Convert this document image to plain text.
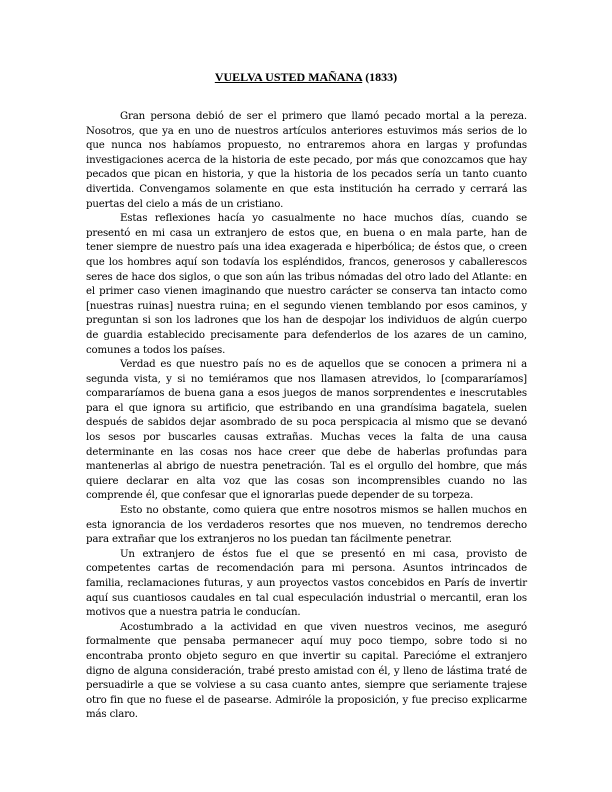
VUELVA USTED MAÑANA (1833)

Gran persona debió de ser el primero que llamó pecado mortal a la pereza. Nosotros, que ya en uno de nuestros artículos anteriores estuvimos más serios de lo que nunca nos habíamos propuesto, no entraremos ahora en largas y profundas investigaciones acerca de la historia de este pecado, por más que conozcamos que hay pecados que pican en historia, y que la historia de los pecados sería un tanto cuanto divertida. Convengamos solamente en que esta institución ha cerrado y cerrará las puertas del cielo a más de un cristiano.

Estas reflexiones hacía yo casualmente no hace muchos días, cuando se presentó en mi casa un extranjero de estos que, en buena o en mala parte, han de tener siempre de nuestro país una idea exagerada e hiperbólica; de éstos que, o creen que los hombres aquí son todavía los espléndidos, francos, generosos y caballerescos seres de hace dos siglos, o que son aún las tribus nómadas del otro lado del Atlante: en el primer caso vienen imaginando que nuestro carácter se conserva tan intacto como [nuestras ruinas] nuestra ruina; en el segundo vienen temblando por esos caminos, y preguntan si son los ladrones que los han de despojar los individuos de algún cuerpo de guardia establecido precisamente para defenderlos de los azares de un camino, comunes a todos los países.

Verdad es que nuestro país no es de aquellos que se conocen a primera ni a segunda vista, y si no temiéramos que nos llamasen atrevidos, lo [compararíamos] compararíamos de buena gana a esos juegos de manos sorprendentes e inescrutables para el que ignora su artificio, que estribando en una grandísima bagatela, suelen después de sabidos dejar asombrado de su poca perspicacia al mismo que se devanó los sesos por buscarles causas extrañas. Muchas veces la falta de una causa determinante en las cosas nos hace creer que debe de haberlas profundas para mantenerlas al abrigo de nuestra penetración. Tal es el orgullo del hombre, que más quiere declarar en alta voz que las cosas son incomprensibles cuando no las comprende él, que confesar que el ignorarlas puede depender de su torpeza.

Esto no obstante, como quiera que entre nosotros mismos se hallen muchos en esta ignorancia de los verdaderos resortes que nos mueven, no tendremos derecho para extrañar que los extranjeros no los puedan tan fácilmente penetrar.

Un extranjero de éstos fue el que se presentó en mi casa, provisto de competentes cartas de recomendación para mi persona. Asuntos intrincados de familia, reclamaciones futuras, y aun proyectos vastos concebidos en París de invertir aquí sus cuantiosos caudales en tal cual especulación industrial o mercantil, eran los motivos que a nuestra patria le conducían.

Acostumbrado a la actividad en que viven nuestros vecinos, me aseguró formalmente que pensaba permanecer aquí muy poco tiempo, sobre todo si no encontraba pronto objeto seguro en que invertir su capital. Parecióme el extranjero digno de alguna consideración, trabé presto amistad con él, y lleno de lástima traté de persuadirle a que se volviese a su casa cuanto antes, siempre que seriamente trajese otro fin que no fuese el de pasearse. Admiróle la proposición, y fue preciso explicarme más claro.
